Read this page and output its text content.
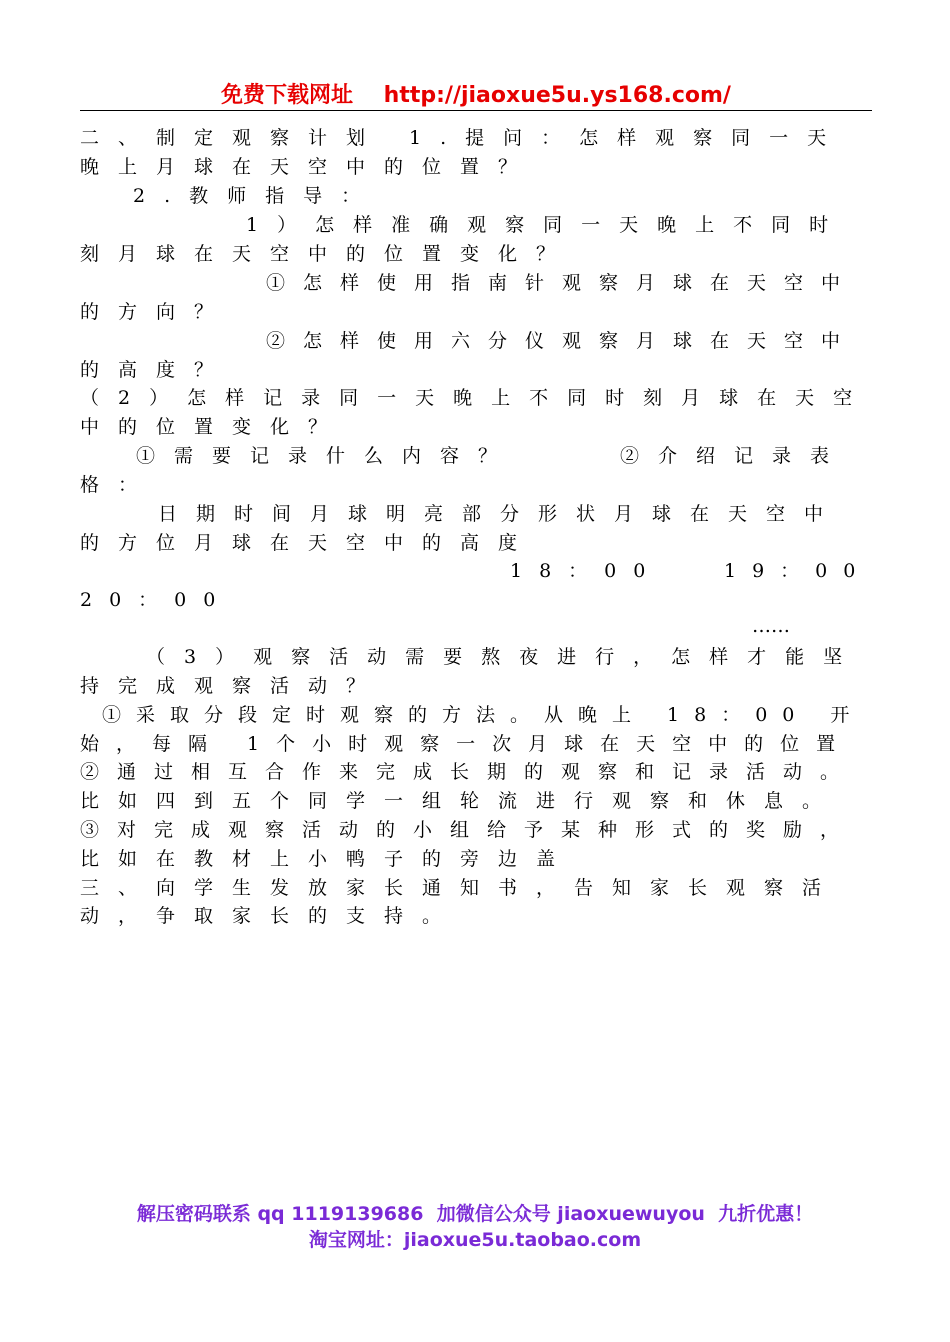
免费下载网址    http://jiaoxue5u.ys168.com/
二、制定观察计划 1.提问：怎样观察同一天
晚上月球在天空中的位置？
2.教师指导：
1）怎样准确观察同一天晚上不同时
刻月球在天空中的位置变化？
①怎样使用指南针观察月球在天空中
的方向？
②怎样使用六分仪观察月球在天空中
的高度？
（2）怎样记录同一天晚上不同时刻月球在天空
中的位置变化？
①需要记录什么内容？	②介绍记录表
格：
日期时间月球明亮部分形状月球在天空中
的方位月球在天空中的高度
18：00	19：00
20：00
……
（3）观察活动需要熬夜进行，怎样才能坚
持完成观察活动？
①采取分段定时观察的方法。从晚上 18：00 开
始，每隔 1个小时观察一次月球在天空中的位置
②通过相互合作来完成长期的观察和记录活动。
比如四到五个同学一组轮流进行观察和休息。
③对完成观察活动的小组给予某种形式的奖励，
比如在教材上小鸭子的旁边盖
三、向学生发放家长通知书，告知家长观察活
动，争取家长的支持。
解压密码联系 qq 1119139686  加微信公众号 jiaoxuewuyou  九折优惠！
淘宝网址：jiaoxue5u.taobao.com
